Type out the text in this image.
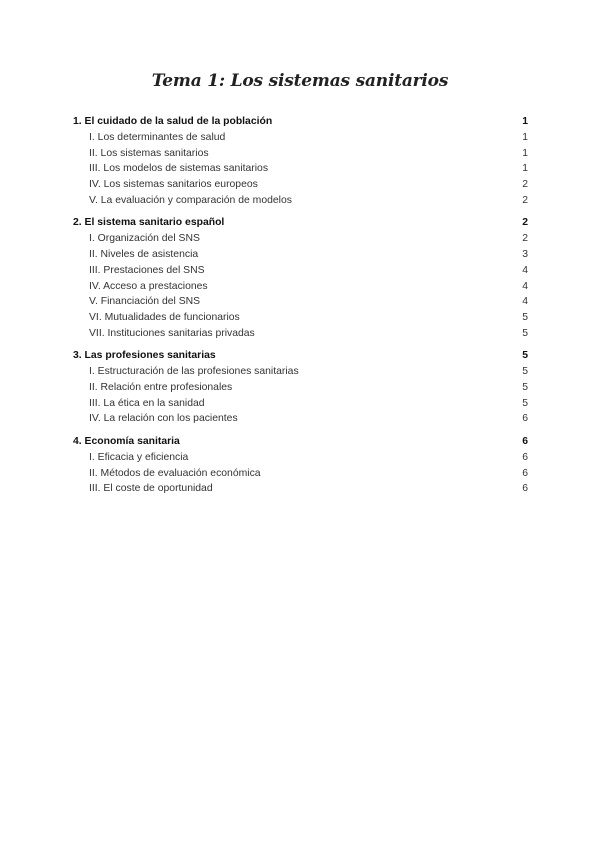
Tema 1: Los sistemas sanitarios
1. El cuidado de la salud de la población	1
I. Los determinantes de salud	1
II. Los sistemas sanitarios	1
III. Los modelos de sistemas sanitarios	1
IV. Los sistemas sanitarios europeos	2
V. La evaluación y comparación de modelos	2
2. El sistema sanitario español	2
I. Organización del SNS	2
II. Niveles de asistencia	3
III. Prestaciones del SNS	4
IV. Acceso a prestaciones	4
V. Financiación del SNS	4
VI. Mutualidades de funcionarios	5
VII. Instituciones sanitarias privadas	5
3. Las profesiones sanitarias	5
I. Estructuración de las profesiones sanitarias	5
II. Relación entre profesionales	5
III. La ética en la sanidad	5
IV. La relación con los pacientes	6
4. Economía sanitaria	6
I. Eficacia y eficiencia	6
II. Métodos de evaluación económica	6
III. El coste de oportunidad	6
